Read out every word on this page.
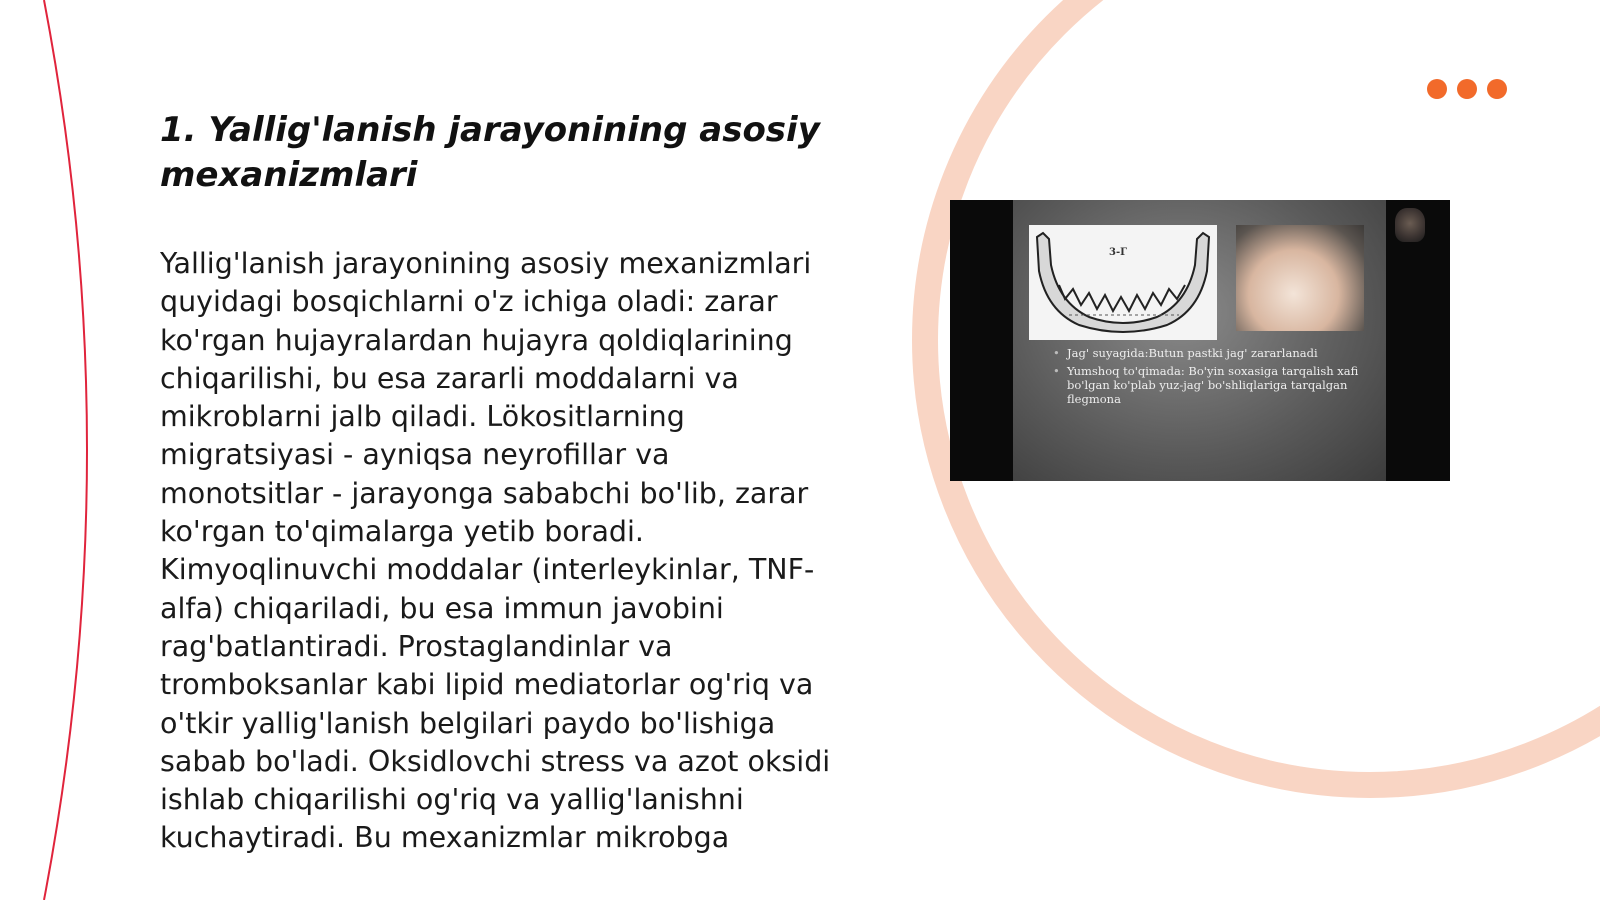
1. Yallig'lanish jarayonining asosiy mexanizmlari

Yallig'lanish jarayonining asosiy mexanizmlari quyidagi bosqichlarni o'z ichiga oladi: zarar ko'rgan hujayralardan hujayra qoldiqlarining chiqarilishi, bu esa zararli moddalarni va mikroblarni jalb qiladi. Lökositlarning migratsiyasi - ayniqsa neyrofillar va monotsitlar - jarayonga sababchi bo'lib, zarar ko'rgan to'qimalarga yetib boradi. Kimyoqlinuvchi moddalar (interleykinlar, TNF-alfa) chiqariladi, bu esa immun javobini rag'batlantiradi. Prostaglandinlar va tromboksanlar kabi lipid mediatorlar og'riq va o'tkir yallig'lanish belgilari paydo bo'lishiga sabab bo'ladi. Oksidlovchi stress va azot oksidi ishlab chiqarilishi og'riq va yallig'lanishni kuchaytiradi. Bu mexanizmlar mikrobga

3-Г
• Jag' suyagida:Butun pastki jag' zararlanadi
• Yumshoq to'qimada: Bo'yin soxasiga tarqalish xafi bo'lgan ko'plab yuz-jag' bo'shliqlariga tarqalgan flegmona
